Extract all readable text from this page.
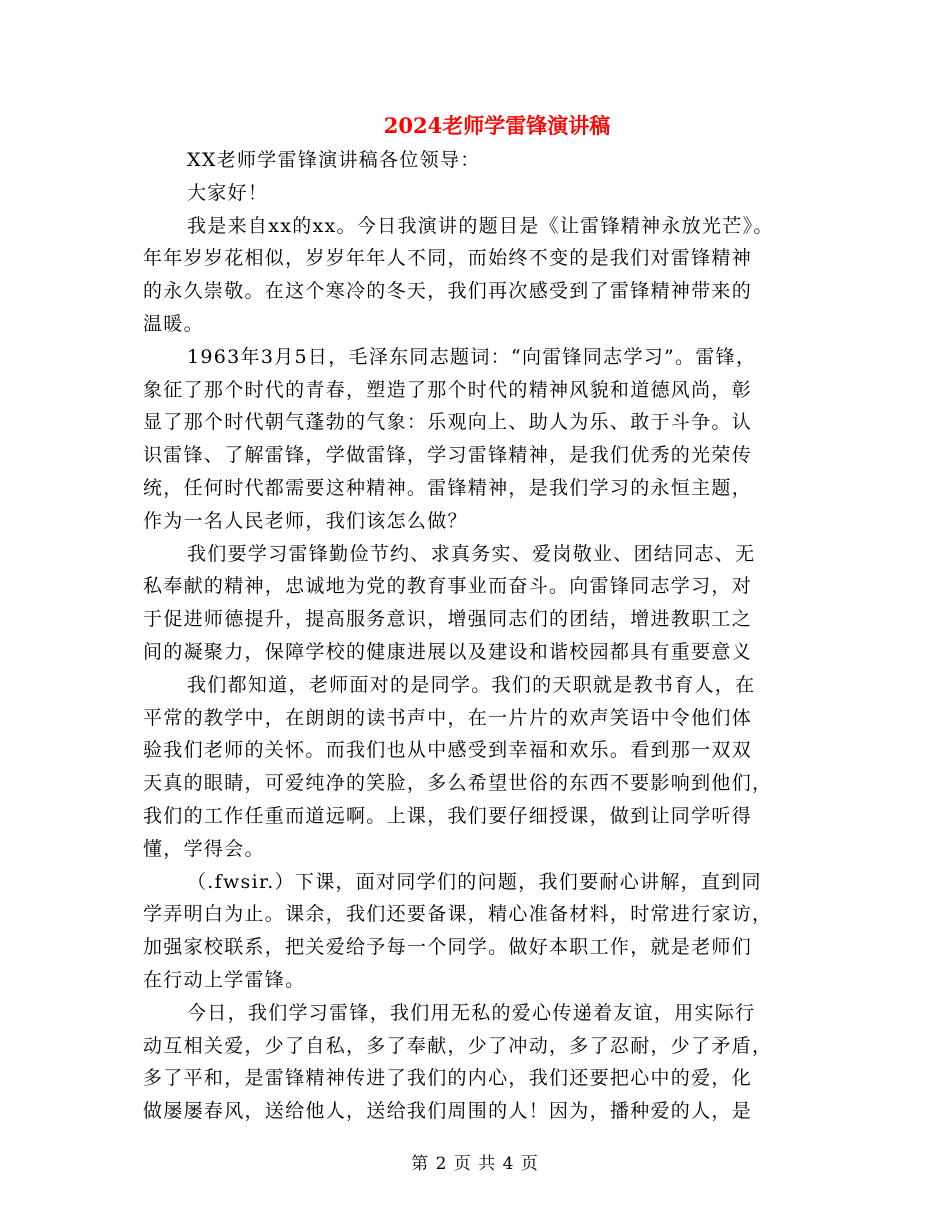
2024老师学雷锋演讲稿
XX老师学雷锋演讲稿各位领导：
大家好！
我是来自xx的xx。今日我演讲的题目是《让雷锋精神永放光芒》。
年年岁岁花相似，岁岁年年人不同，而始终不变的是我们对雷锋精神
的永久崇敬。在这个寒冷的冬天，我们再次感受到了雷锋精神带来的
温暖。
1963年3月5日，毛泽东同志题词：“向雷锋同志学习”。雷锋，
象征了那个时代的青春，塑造了那个时代的精神风貌和道德风尚，彰
显了那个时代朝气蓬勃的气象：乐观向上、助人为乐、敢于斗争。认
识雷锋、了解雷锋，学做雷锋，学习雷锋精神，是我们优秀的光荣传
统，任何时代都需要这种精神。雷锋精神，是我们学习的永恒主题，
作为一名人民老师，我们该怎么做？
我们要学习雷锋勤俭节约、求真务实、爱岗敬业、团结同志、无
私奉献的精神，忠诚地为党的教育事业而奋斗。向雷锋同志学习，对
于促进师德提升，提高服务意识，增强同志们的团结，增进教职工之
间的凝聚力，保障学校的健康进展以及建设和谐校园都具有重要意义
我们都知道，老师面对的是同学。我们的天职就是教书育人，在
平常的教学中，在朗朗的读书声中，在一片片的欢声笑语中令他们体
验我们老师的关怀。而我们也从中感受到幸福和欢乐。看到那一双双
天真的眼睛，可爱纯净的笑脸，多么希望世俗的东西不要影响到他们，
我们的工作任重而道远啊。上课，我们要仔细授课，做到让同学听得
懂，学得会。
（.fwsir.）下课，面对同学们的问题，我们要耐心讲解，直到同
学弄明白为止。课余，我们还要备课，精心准备材料，时常进行家访，
加强家校联系，把关爱给予每一个同学。做好本职工作，就是老师们
在行动上学雷锋。
今日，我们学习雷锋，我们用无私的爱心传递着友谊，用实际行
动互相关爱，少了自私，多了奉献，少了冲动，多了忍耐，少了矛盾，
多了平和，是雷锋精神传进了我们的内心，我们还要把心中的爱，化
做屡屡春风，送给他人，送给我们周围的人！因为，播种爱的人，是
第 2 页 共 4 页
